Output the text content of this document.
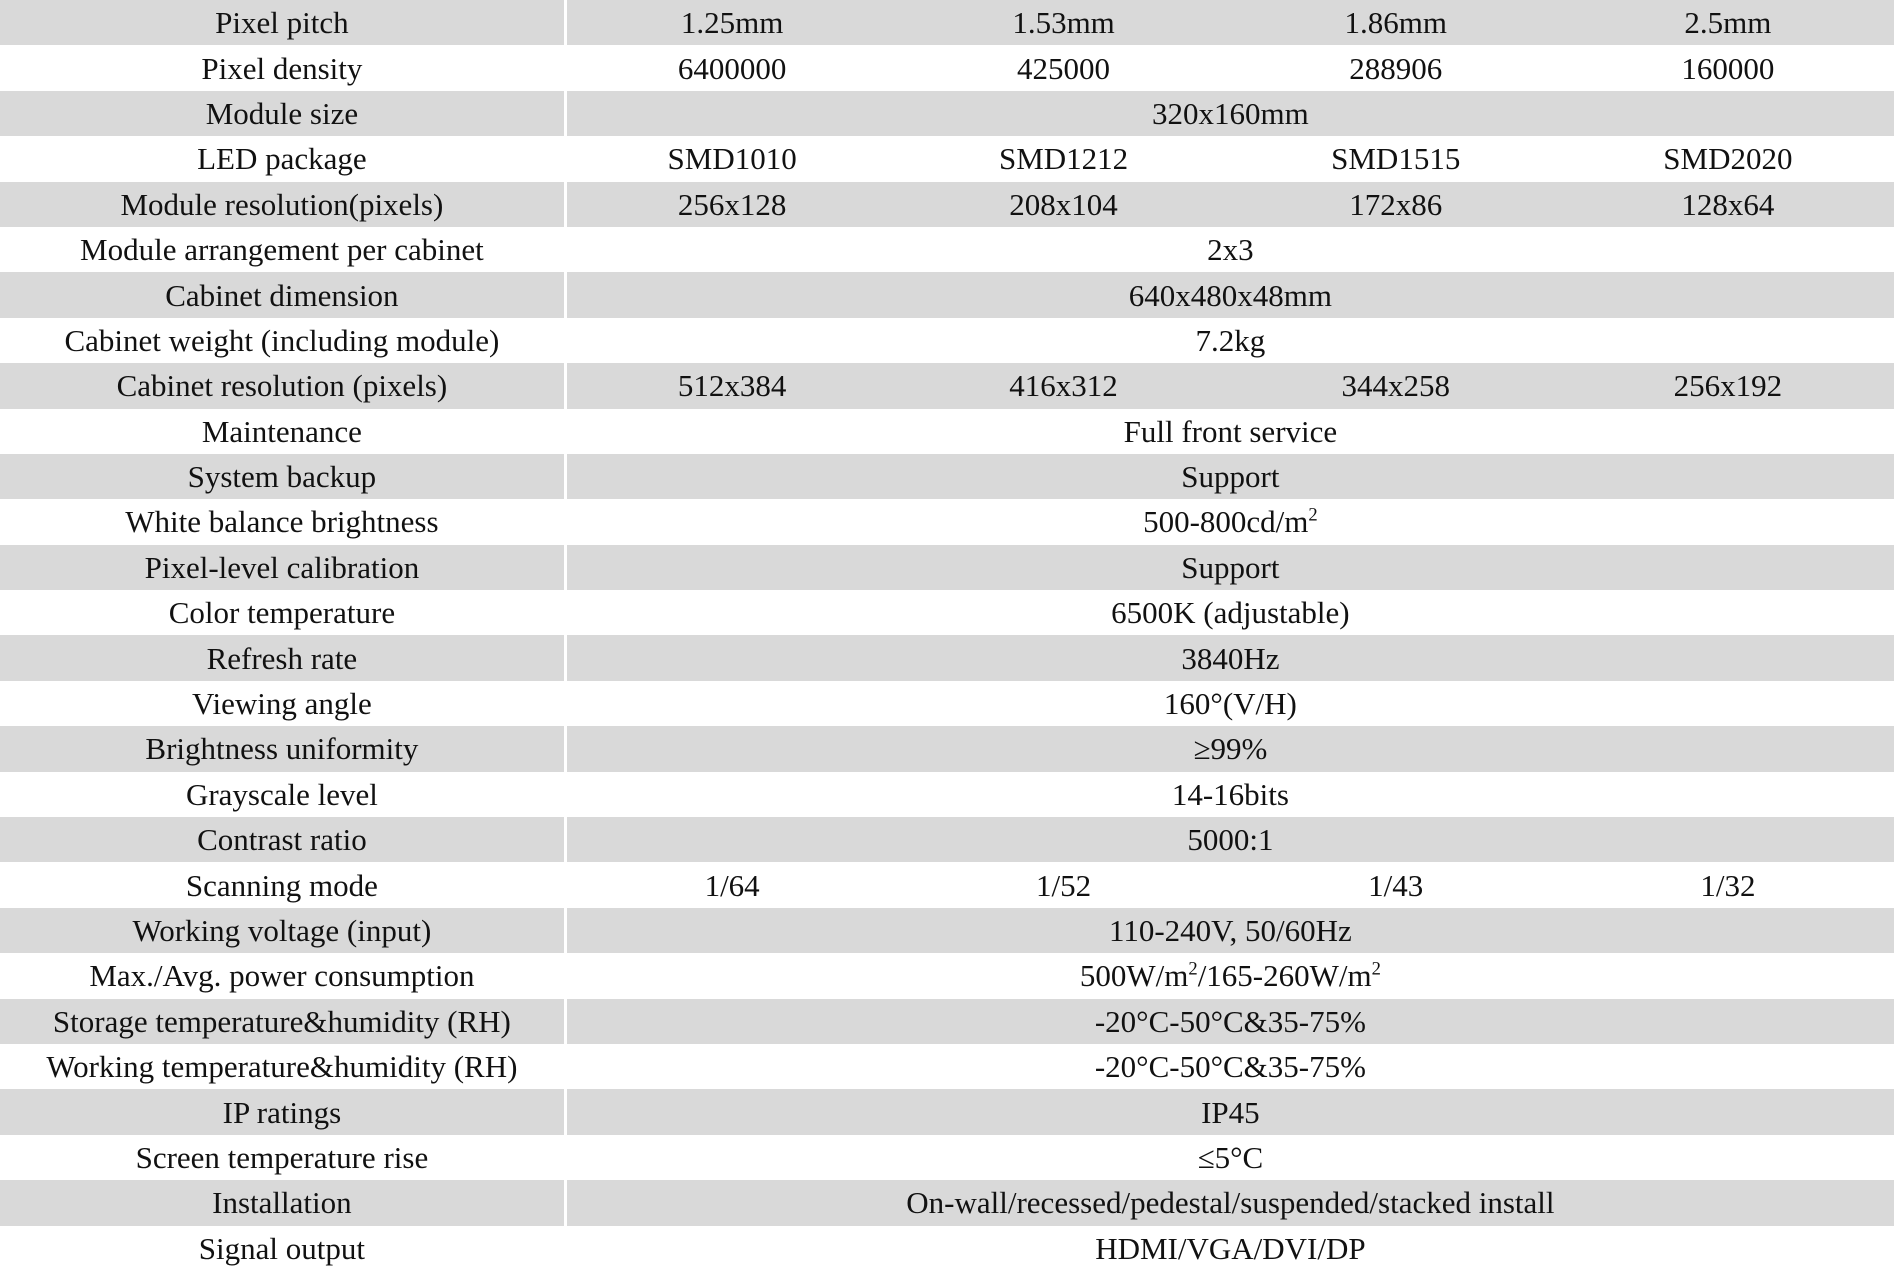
Pixel pitch	1.25mm	1.53mm	1.86mm	2.5mm
Pixel density	6400000	425000	288906	160000
Module size	320x160mm			
LED package	SMD1010	SMD1212	SMD1515	SMD2020
Module resolution(pixels)	256x128	208x104	172x86	128x64
Module arrangement per cabinet	2x3			
Cabinet dimension	640x480x48mm			
Cabinet weight (including module)	7.2kg			
Cabinet resolution (pixels)	512x384	416x312	344x258	256x192
Maintenance	Full front service			
System backup	Support			
White balance brightness	$500-800cd/m^2$
Pixel-level calibration	Support			
Color temperature	6500K (adjustable)			
Refresh rate	3840Hz			
Viewing angle	160°(V/H)			
Brightness uniformity	≥99%			
Grayscale level	14-16bits			
Contrast ratio	5000:1			
Scanning mode	1/64	1/52	1/43	1/32
Working voltage (input)	110-240V, 50/60Hz			
Max./Avg. power consumption	$500W/m^2/165-260W/m^2$
Storage temperature&humidity (RH)	-20°C-50°C&35-75%			
Working temperature&humidity (RH)	-20°C-50°C&35-75%			
IP ratings	IP45			
Screen temperature rise	≤5°C			
Installation	On-wall/recessed/pedestal/suspended/stacked install			
Signal output	HDMI/VGA/DVI/DP			
